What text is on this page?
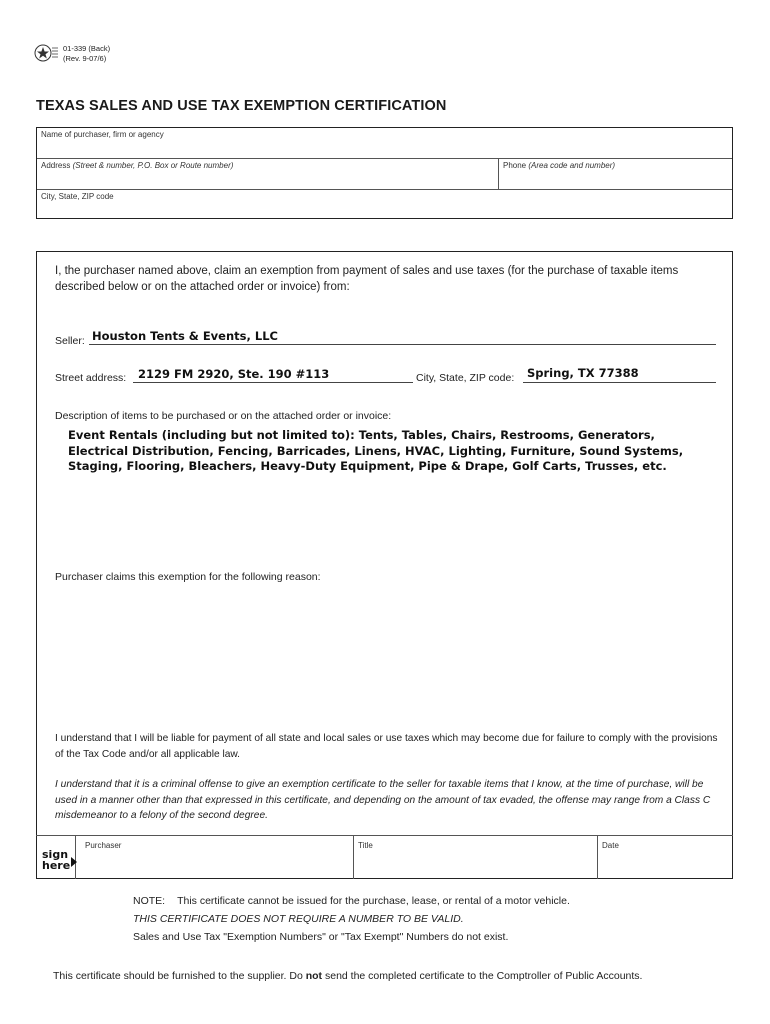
01-339 (Back)
(Rev. 9-07/6)
TEXAS SALES AND USE TAX EXEMPTION CERTIFICATION
Name of purchaser, firm or agency
Address (Street & number, P.O. Box or Route number)	Phone (Area code and number)
City, State, ZIP code
I, the purchaser named above, claim an exemption from payment of sales and use taxes (for the purchase of taxable items described below or on the attached order or invoice) from:
Seller: Houston Tents & Events, LLC
Street address: 2129 FM 2920, Ste. 190 #113	City, State, ZIP code: Spring, TX 77388
Description of items to be purchased or on the attached order or invoice:
Event Rentals (including but not limited to): Tents, Tables, Chairs, Restrooms, Generators, Electrical Distribution, Fencing, Barricades, Linens, HVAC, Lighting, Furniture, Sound Systems, Staging, Flooring, Bleachers, Heavy-Duty Equipment, Pipe & Drape, Golf Carts, Trusses, etc.
Purchaser claims this exemption for the following reason:
I understand that I will be liable for payment of all state and local sales or use taxes which may become due for failure to comply with the provisions of the Tax Code and/or all applicable law.
I understand that it is a criminal offense to give an exemption certificate to the seller for taxable items that I know, at the time of purchase, will be used in a manner other than that expressed in this certificate, and depending on the amount of tax evaded, the offense may range from a Class C misdemeanor to a felony of the second degree.
sign
here
Purchaser	Title	Date
NOTE: This certificate cannot be issued for the purchase, lease, or rental of a motor vehicle.
THIS CERTIFICATE DOES NOT REQUIRE A NUMBER TO BE VALID.
Sales and Use Tax "Exemption Numbers" or "Tax Exempt" Numbers do not exist.
This certificate should be furnished to the supplier. Do not send the completed certificate to the Comptroller of Public Accounts.
